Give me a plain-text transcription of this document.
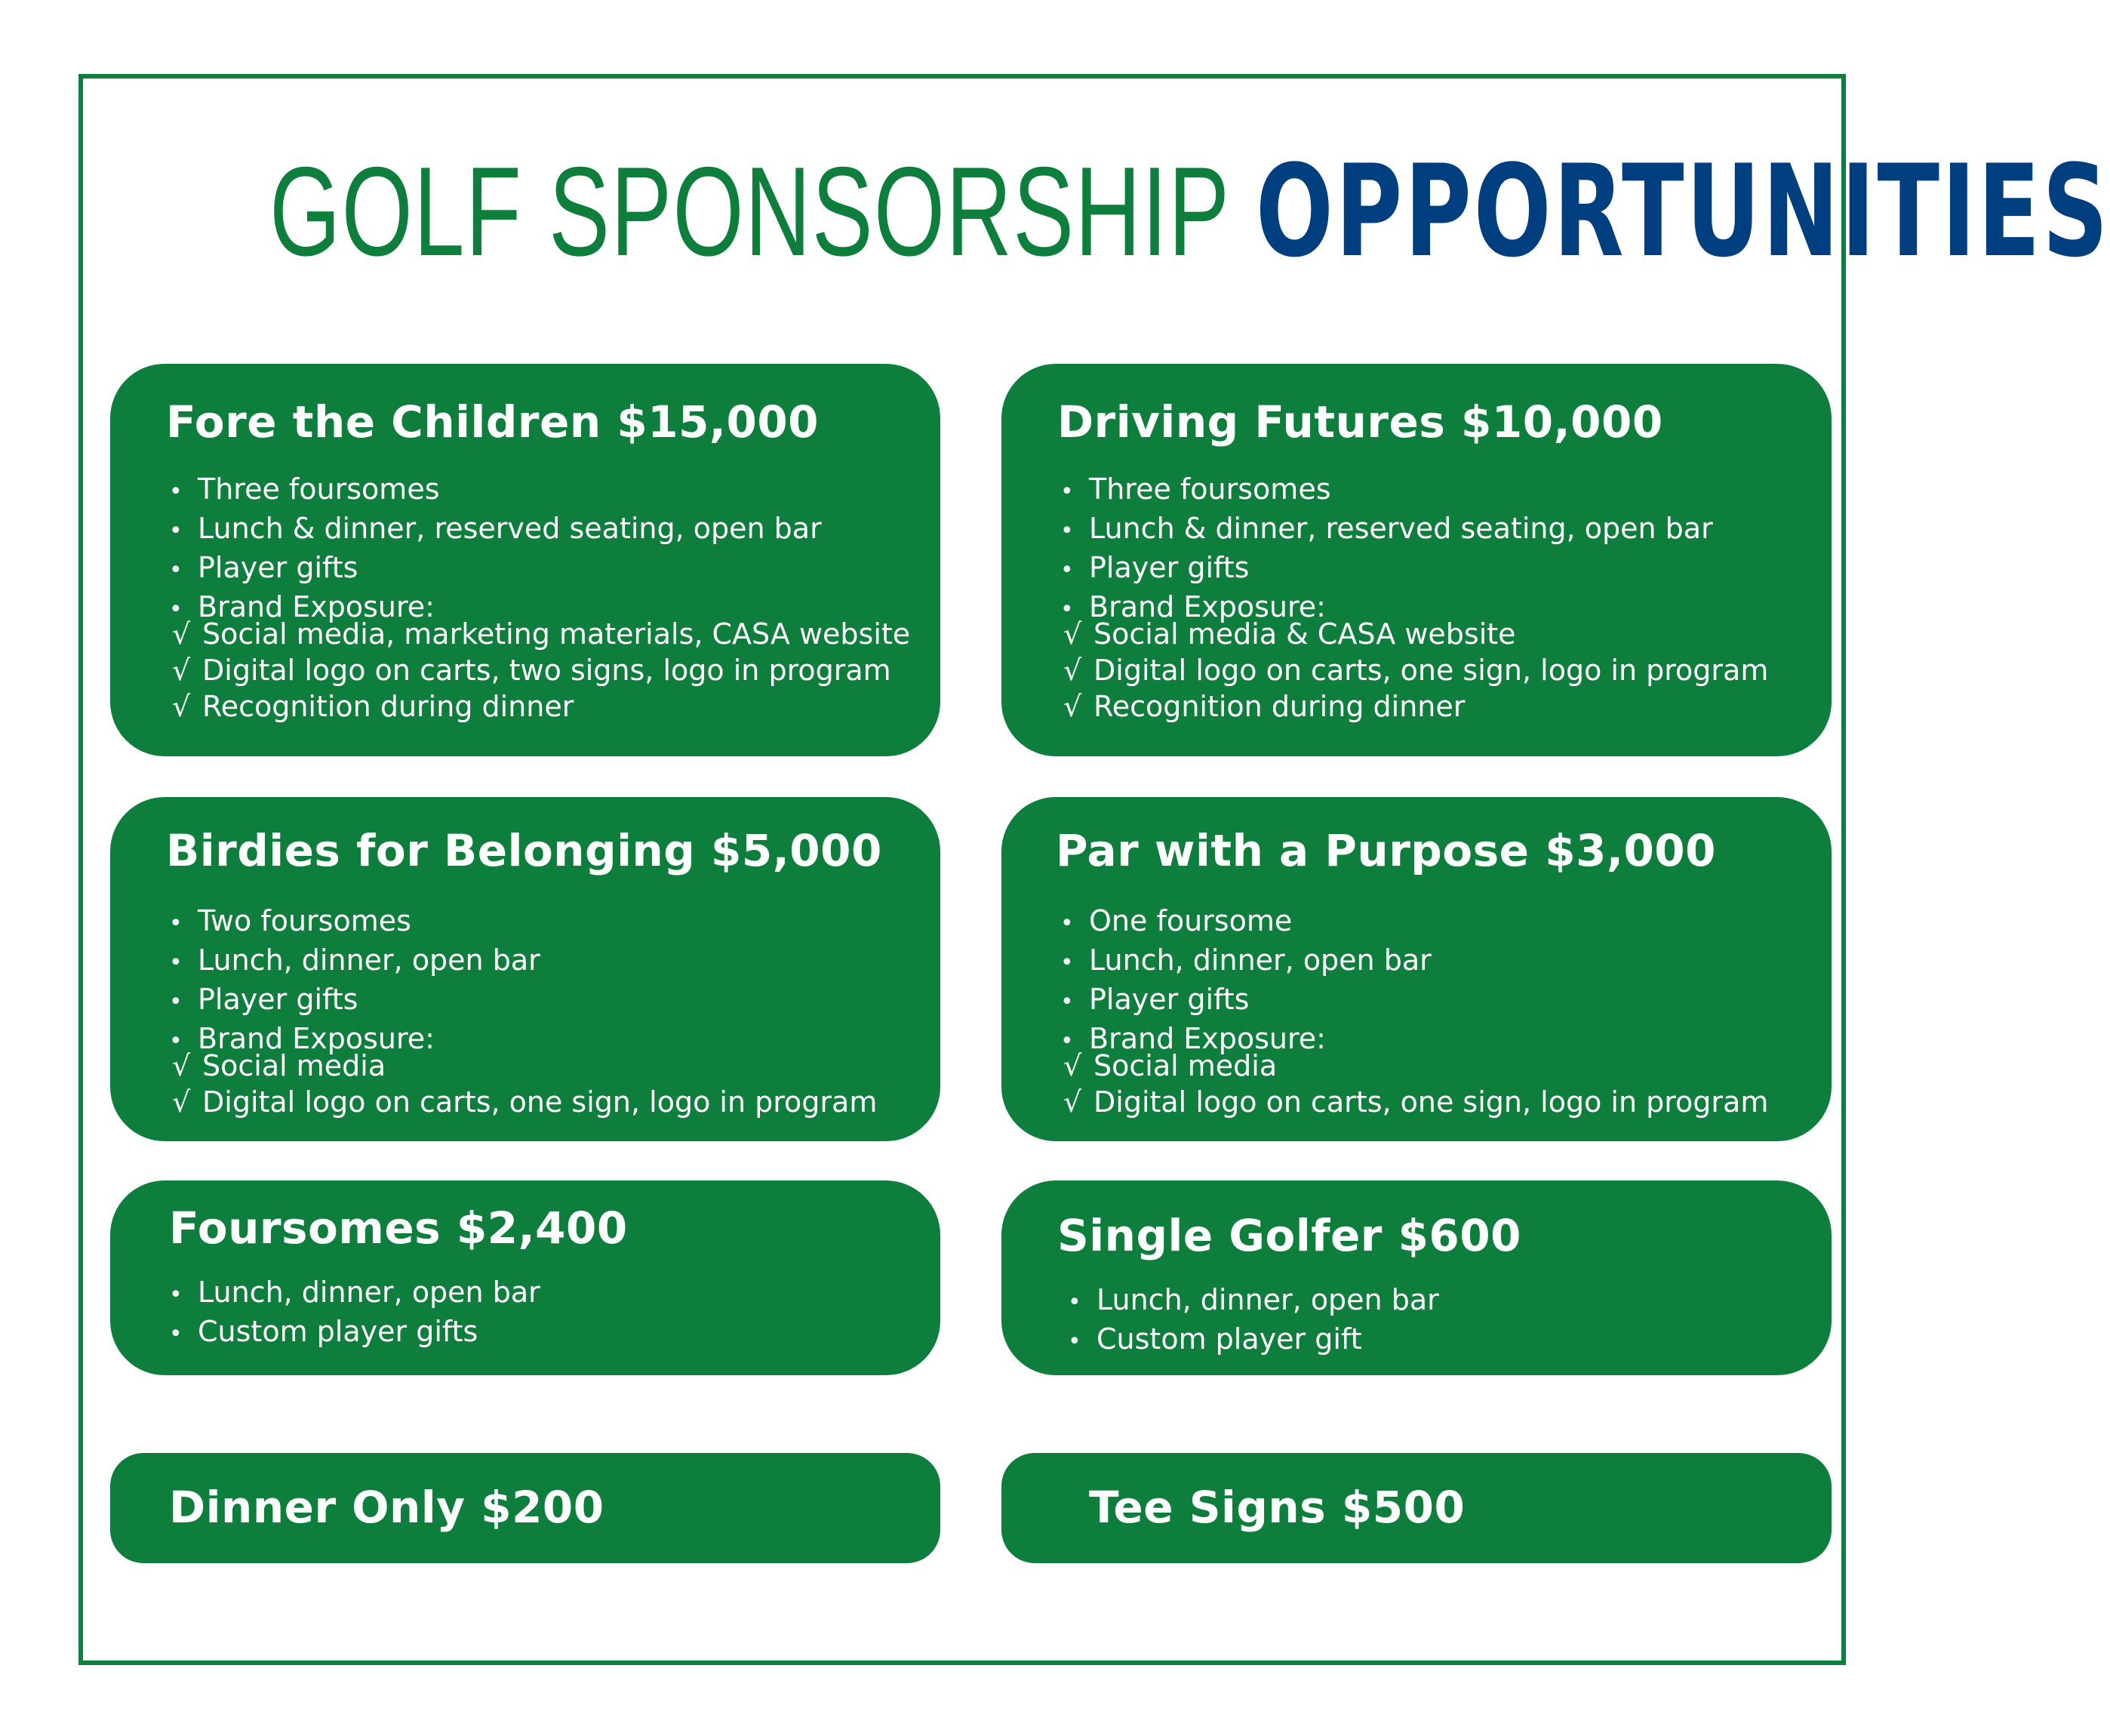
GOLF SPONSORSHIP OPPORTUNITIES
Fore the Children $15,000
• Three foursomes
• Lunch & dinner, reserved seating, open bar
• Player gifts
• Brand Exposure:
√ Social media, marketing materials, CASA website
√ Digital logo on carts, two signs, logo in program
√ Recognition during dinner
Driving Futures $10,000
• Three foursomes
• Lunch & dinner, reserved seating, open bar
• Player gifts
• Brand Exposure:
√ Social media & CASA website
√ Digital logo on carts, one sign, logo in program
√ Recognition during dinner
Birdies for Belonging $5,000
• Two foursomes
• Lunch, dinner, open bar
• Player gifts
• Brand Exposure:
√ Social media
√ Digital logo on carts, one sign, logo in program
Par with a Purpose $3,000
• One foursome
• Lunch, dinner, open bar
• Player gifts
• Brand Exposure:
√ Social media
√ Digital logo on carts, one sign, logo in program
Foursomes $2,400
• Lunch, dinner, open bar
• Custom player gifts
Single Golfer $600
• Lunch, dinner, open bar
• Custom player gift
Dinner Only $200	Tee Signs $500
